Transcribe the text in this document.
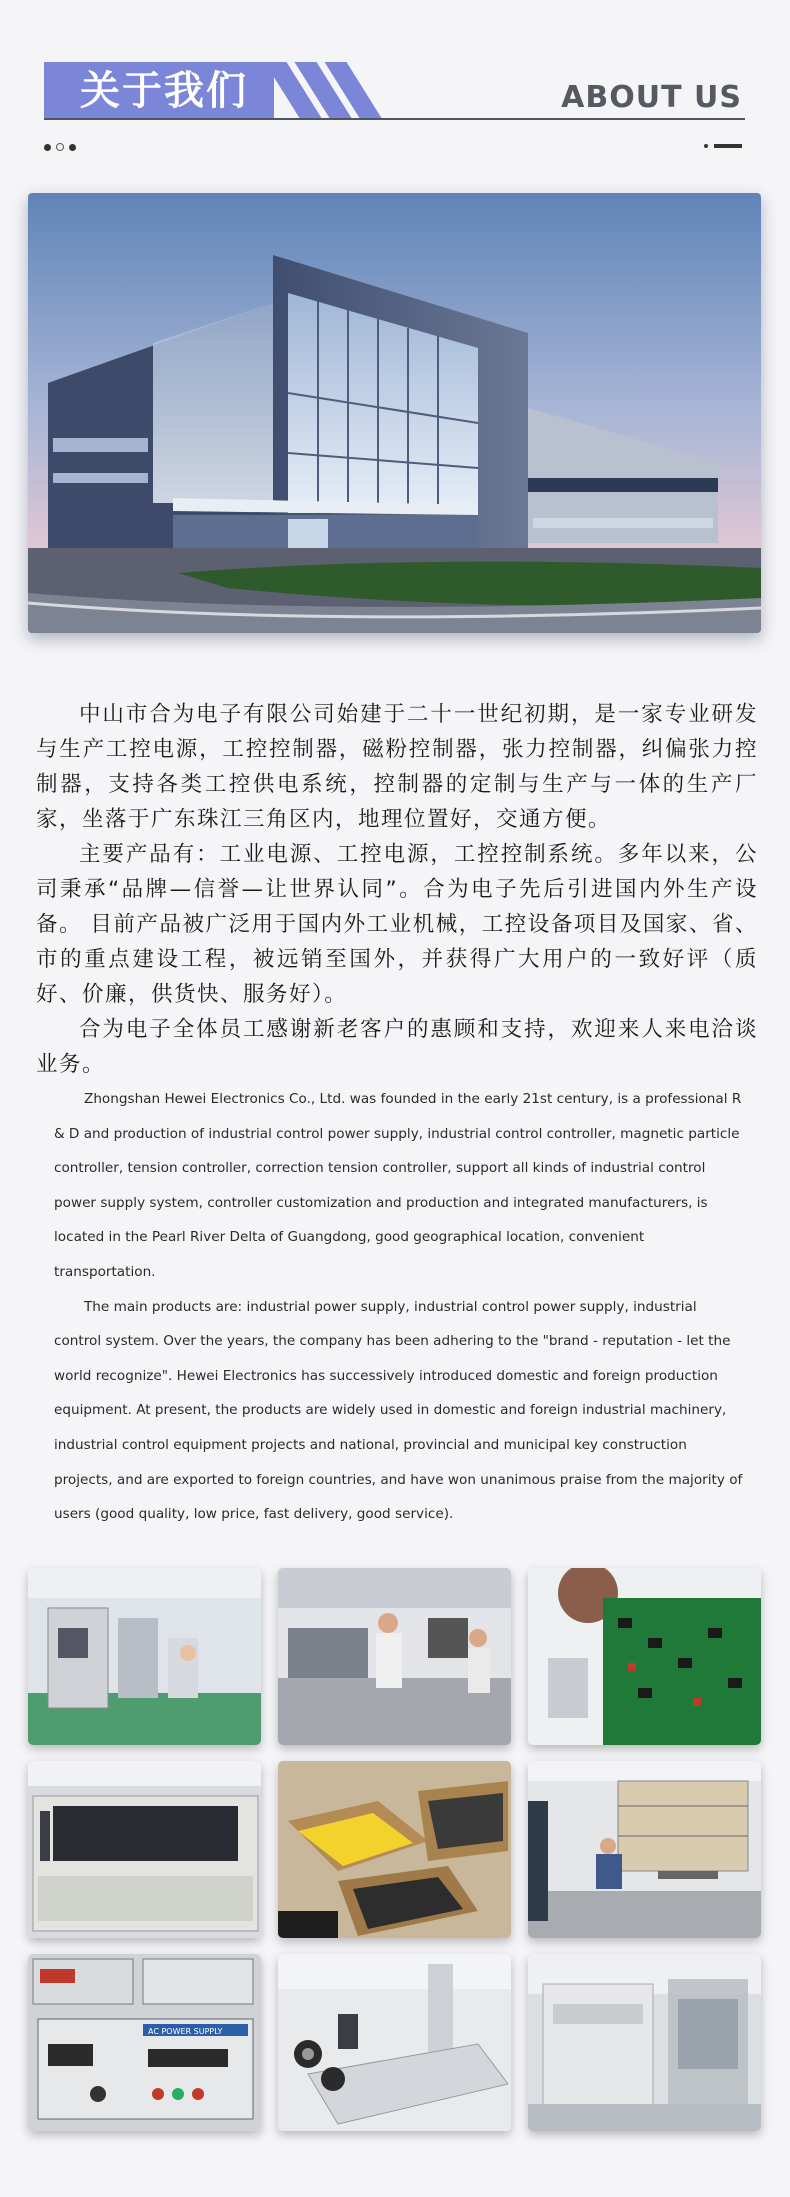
关于我们	ABOUT US

中山市合为电子有限公司始建于二十一世纪初期，是一家专业研发与生产工控电源，工控控制器，磁粉控制器，张力控制器，纠偏张力控制器，支持各类工控供电系统，控制器的定制与生产与一体的生产厂家，坐落于广东珠江三角区内，地理位置好，交通方便。

主要产品有：工业电源、工控电源，工控控制系统。多年以来，公司秉承“品牌—信誉—让世界认同”。合为电子先后引进国内外生产设备。 目前产品被广泛用于国内外工业机械，工控设备项目及国家、省、市的重点建设工程，被远销至国外，并获得广大用户的一致好评（质好、价廉，供货快、服务好）。

合为电子全体员工感谢新老客户的惠顾和支持，欢迎来人来电洽谈业务。

Zhongshan Hewei Electronics Co., Ltd. was founded in the early 21st century, is a professional R & D and production of industrial control power supply, industrial control controller, magnetic particle controller, tension controller, correction tension controller, support all kinds of industrial control power supply system, controller customization and production and integrated manufacturers, is located in the Pearl River Delta of Guangdong, good geographical location, convenient transportation.

The main products are: industrial power supply, industrial control power supply, industrial control system. Over the years, the company has been adhering to the "brand - reputation - let the world recognize". Hewei Electronics has successively introduced domestic and foreign production equipment. At present, the products are widely used in domestic and foreign industrial machinery, industrial control equipment projects and national, provincial and municipal key construction projects, and are exported to foreign countries, and have won unanimous praise from the majority of users (good quality, low price, fast delivery, good service).

AC POWER SUPPLY
